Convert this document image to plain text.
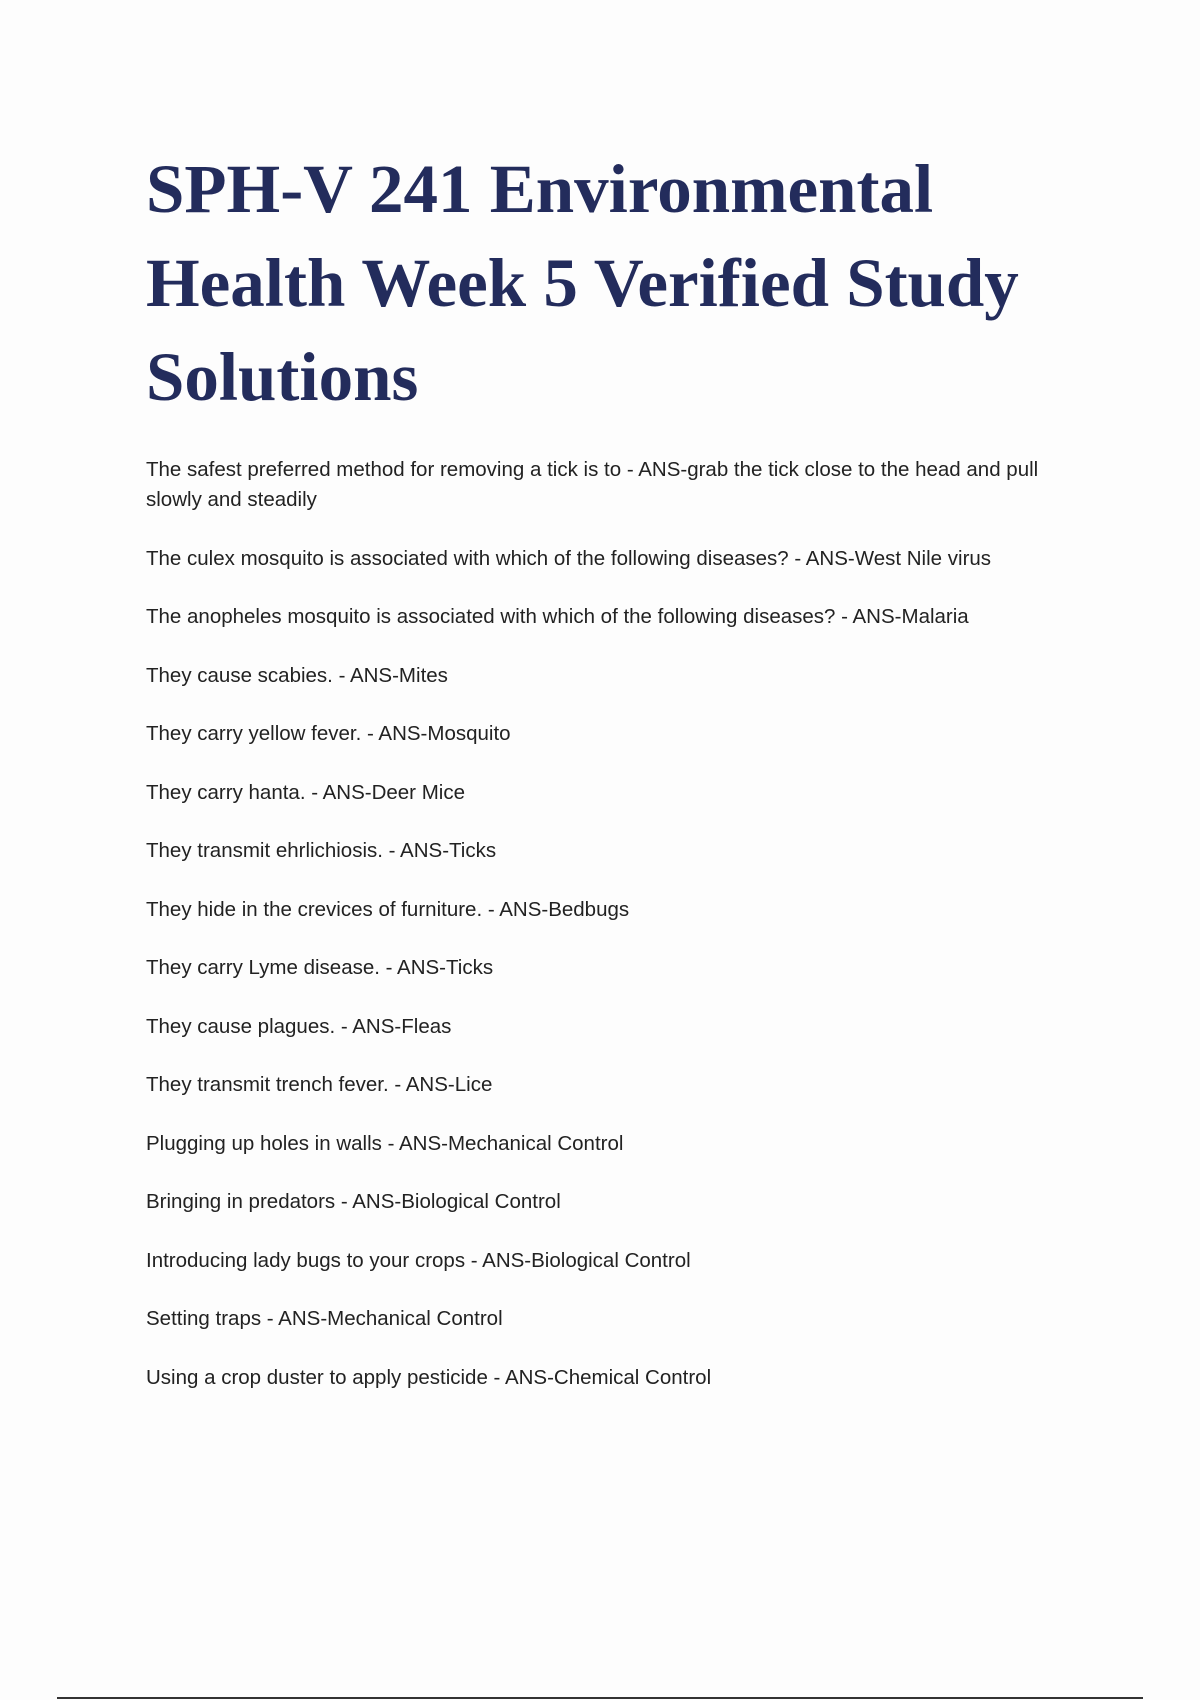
SPH-V 241 Environmental Health Week 5 Verified Study Solutions
The safest preferred method for removing a tick is to - ANS-grab the tick close to the head and pull slowly and steadily
The culex mosquito is associated with which of the following diseases? - ANS-West Nile virus
The anopheles mosquito is associated with which of the following diseases? - ANS-Malaria
They cause scabies. - ANS-Mites
They carry yellow fever. - ANS-Mosquito
They carry hanta. - ANS-Deer Mice
They transmit ehrlichiosis. - ANS-Ticks
They hide in the crevices of furniture. - ANS-Bedbugs
They carry Lyme disease. - ANS-Ticks
They cause plagues. - ANS-Fleas
They transmit trench fever. - ANS-Lice
Plugging up holes in walls - ANS-Mechanical Control
Bringing in predators - ANS-Biological Control
Introducing lady bugs to your crops - ANS-Biological Control
Setting traps - ANS-Mechanical Control
Using a crop duster to apply pesticide - ANS-Chemical Control
